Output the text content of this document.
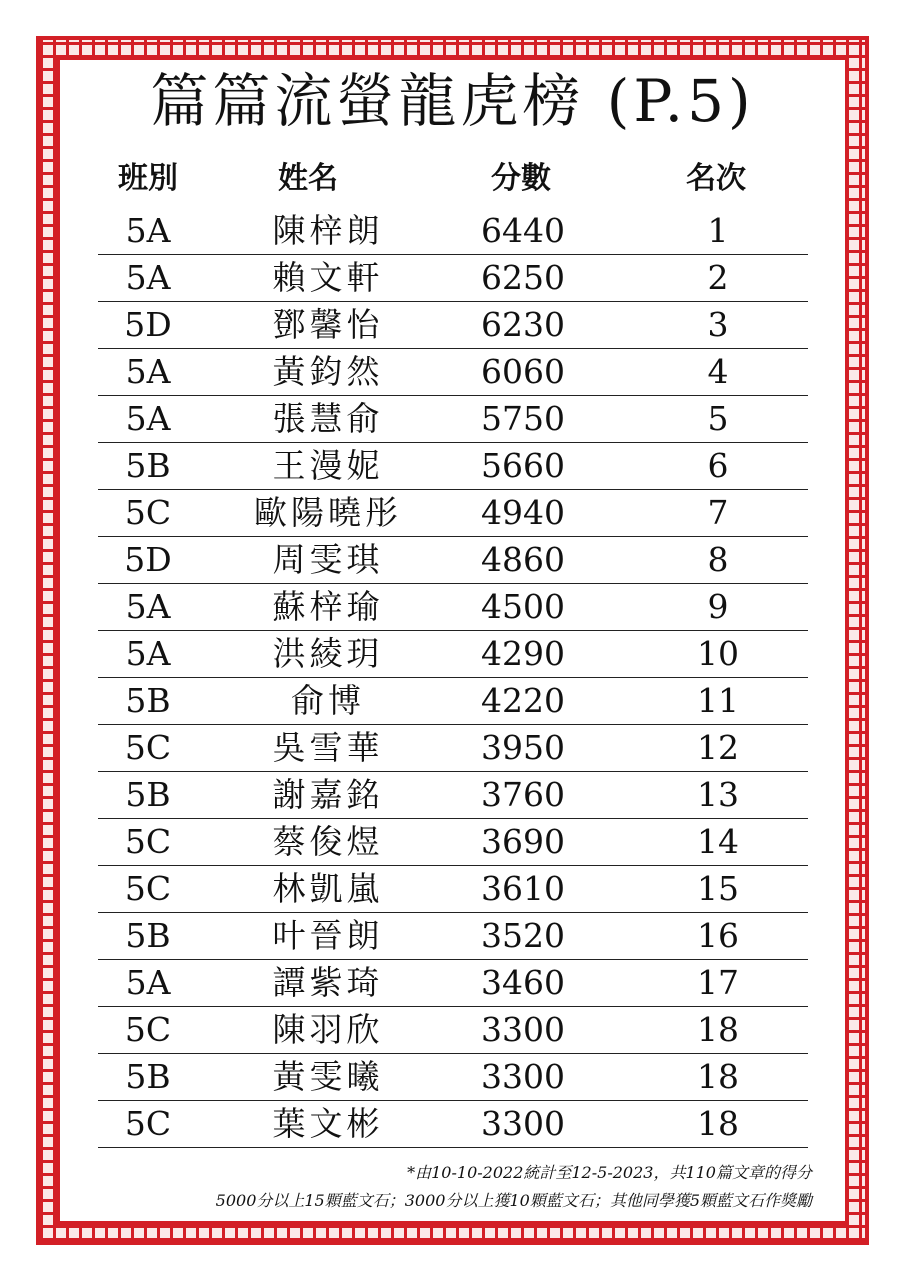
篇篇流螢龍虎榜 (P.5)
班別	姓名	分數	名次
5A	陳梓朗	6440	1
5A	賴文軒	6250	2
5D	鄧馨怡	6230	3
5A	黃鈞然	6060	4
5A	張慧俞	5750	5
5B	王漫妮	5660	6
5C	歐陽曉彤	4940	7
5D	周雯琪	4860	8
5A	蘇梓瑜	4500	9
5A	洪綾玥	4290	10
5B	俞博	4220	11
5C	吳雪華	3950	12
5B	謝嘉銘	3760	13
5C	蔡俊煜	3690	14
5C	林凱嵐	3610	15
5B	叶晉朗	3520	16
5A	譚紫琦	3460	17
5C	陳羽欣	3300	18
5B	黃雯曦	3300	18
5C	葉文彬	3300	18
*由10-10-2022統計至12-5-2023，共110篇文章的得分
5000分以上15顆藍文石；3000分以上獲10顆藍文石；其他同學獲5顆藍文石作獎勵
